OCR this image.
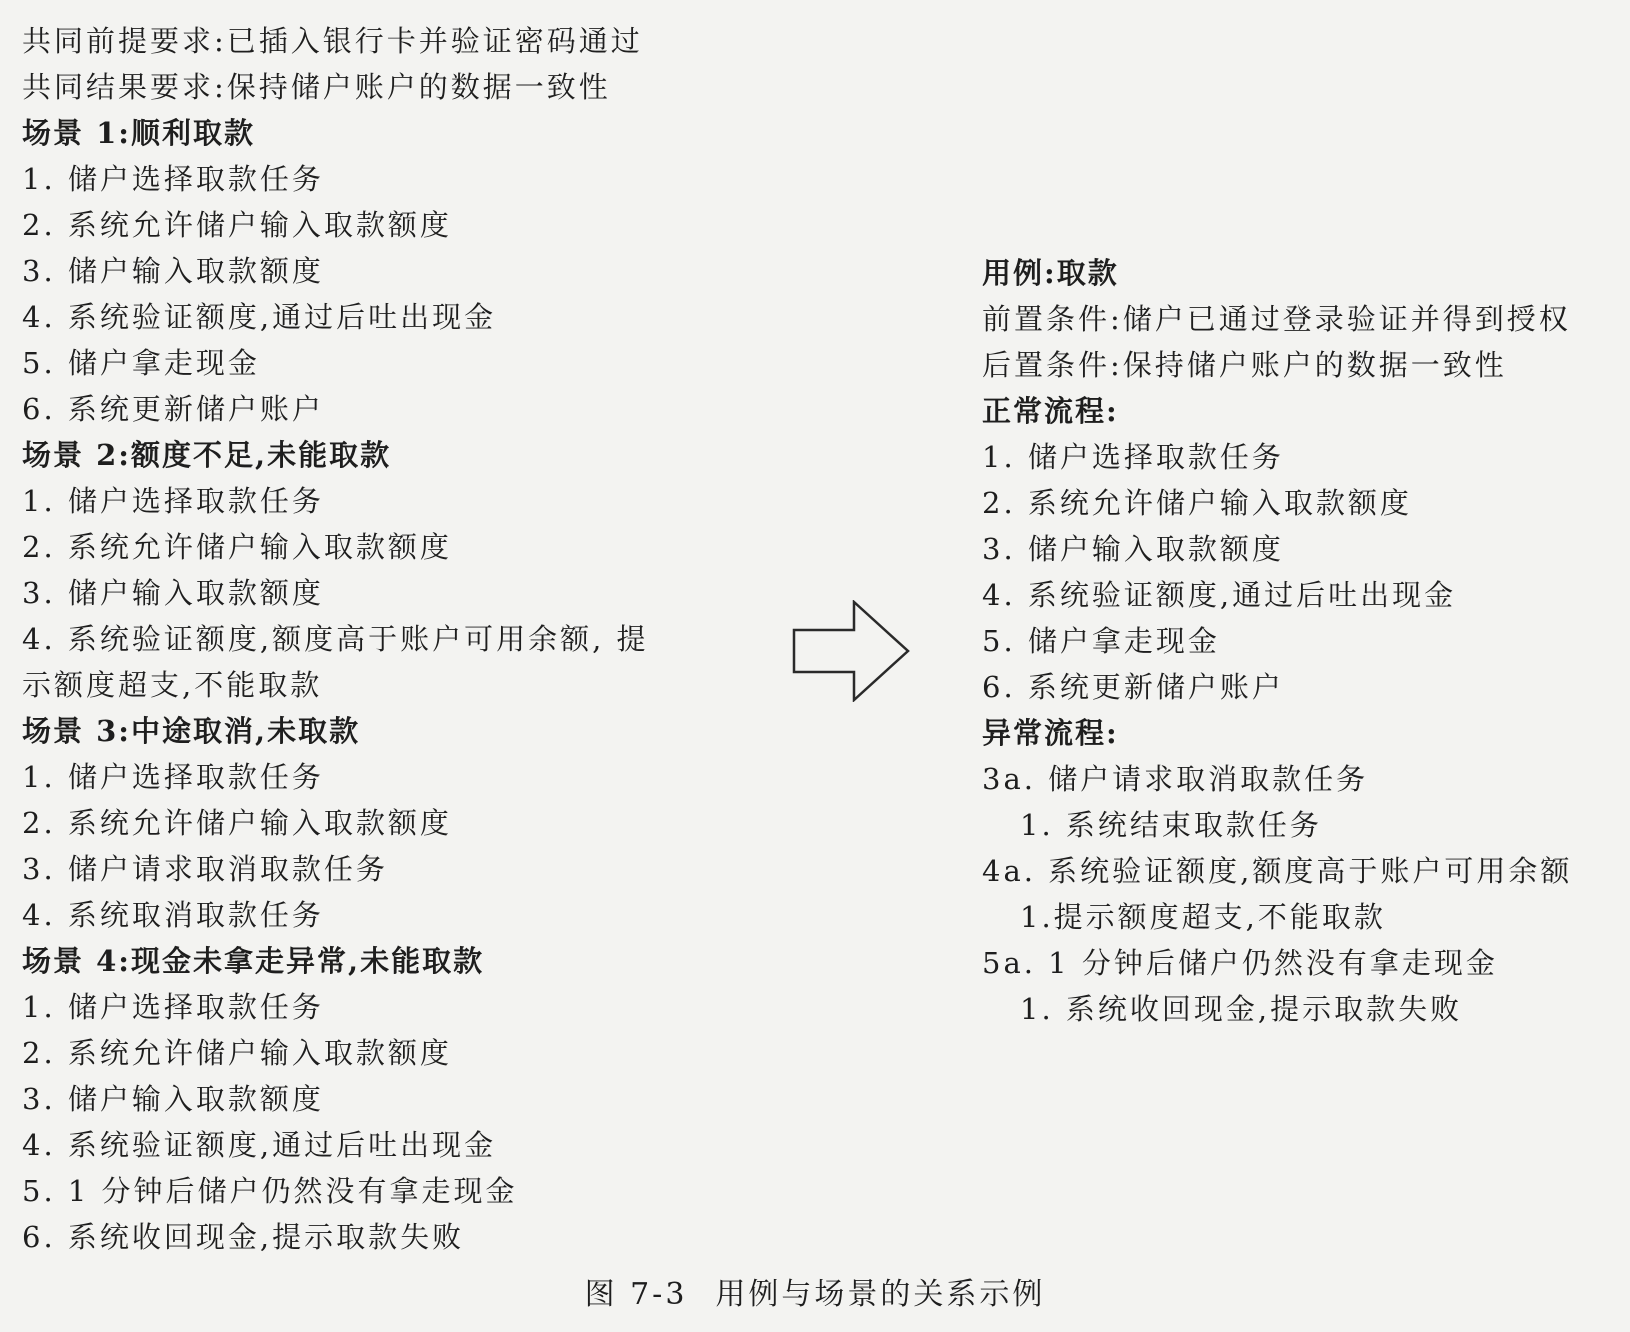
共同前提要求:已插入银行卡并验证密码通过
共同结果要求:保持储户账户的数据一致性
场景 1:顺利取款
1. 储户选择取款任务
2. 系统允许储户输入取款额度
3. 储户输入取款额度
4. 系统验证额度,通过后吐出现金
5. 储户拿走现金
6. 系统更新储户账户
场景 2:额度不足,未能取款
1. 储户选择取款任务
2. 系统允许储户输入取款额度
3. 储户输入取款额度
4. 系统验证额度,额度高于账户可用余额, 提
示额度超支,不能取款
场景 3:中途取消,未取款
1. 储户选择取款任务
2. 系统允许储户输入取款额度
3. 储户请求取消取款任务
4. 系统取消取款任务
场景 4:现金未拿走异常,未能取款
1. 储户选择取款任务
2. 系统允许储户输入取款额度
3. 储户输入取款额度
4. 系统验证额度,通过后吐出现金
5. 1 分钟后储户仍然没有拿走现金
6. 系统收回现金,提示取款失败
用例:取款
前置条件:储户已通过登录验证并得到授权
后置条件:保持储户账户的数据一致性
正常流程:
1. 储户选择取款任务
2. 系统允许储户输入取款额度
3. 储户输入取款额度
4. 系统验证额度,通过后吐出现金
5. 储户拿走现金
6. 系统更新储户账户
异常流程:
3a. 储户请求取消取款任务
1. 系统结束取款任务
4a. 系统验证额度,额度高于账户可用余额
1.提示额度超支,不能取款
5a. 1 分钟后储户仍然没有拿走现金
1. 系统收回现金,提示取款失败
图 7-3 用例与场景的关系示例
